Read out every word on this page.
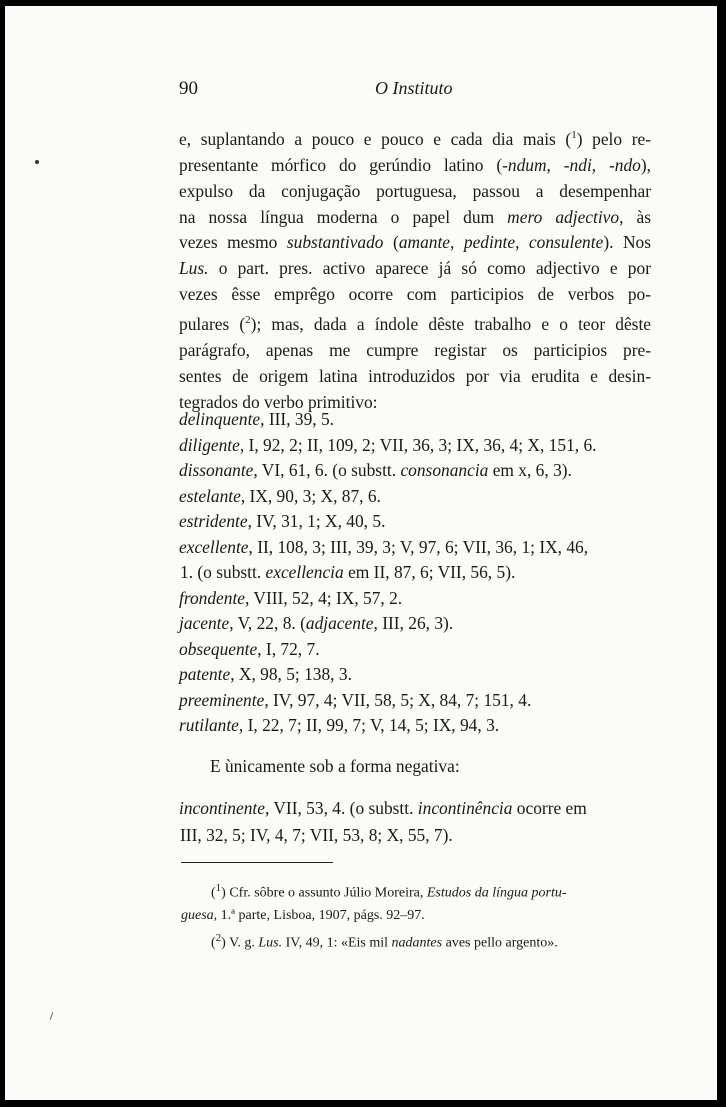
90	O Instituto
e, suplantando a pouco e pouco e cada dia mais ($^1$) pelo re-
presentante mórfico do gerúndio latino (-ndum, -ndi, -ndo),
expulso da conjugação portuguesa, passou a desempenhar
na nossa língua moderna o papel dum mero adjectivo, às
vezes mesmo substantivado (amante, pedinte, consulente). Nos
Lus. o part. pres. activo aparece já só como adjectivo e por
vezes êsse emprêgo ocorre com participios de verbos po-
pulares ($^2$); mas, dada a índole dêste trabalho e o teor dêste
parágrafo, apenas me cumpre registar os participios pre-
sentes de origem latina introduzidos por via erudita e desin-
tegrados do verbo primitivo:
delinquente, III, 39, 5.
diligente, I, 92, 2; II, 109, 2; VII, 36, 3; IX, 36, 4; X, 151, 6.
dissonante, VI, 61, 6. (o substt. consonancia em x, 6, 3).
estelante, IX, 90, 3; X, 87, 6.
estridente, IV, 31, 1; X, 40, 5.
excellente, II, 108, 3; III, 39, 3; V, 97, 6; VII, 36, 1; IX, 46,
1. (o substt. excellencia em II, 87, 6; VII, 56, 5).
frondente, VIII, 52, 4; IX, 57, 2.
jacente, V, 22, 8. (adjacente, III, 26, 3).
obsequente, I, 72, 7.
patente, X, 98, 5; 138, 3.
preeminente, IV, 97, 4; VII, 58, 5; X, 84, 7; 151, 4.
rutilante, I, 22, 7; II, 99, 7; V, 14, 5; IX, 94, 3.
E ùnicamente sob a forma negativa:
incontinente, VII, 53, 4. (o substt. incontinência ocorre em
III, 32, 5; IV, 4, 7; VII, 53, 8; X, 55, 7).
($^1$) Cfr. sôbre o assunto Júlio Moreira, Estudos da língua portu-
guesa, 1.ª parte, Lisboa, 1907, págs. 92–97.
($^2$) V. g. Lus. IV, 49, 1: «Eis mil nadantes aves pello argento».
